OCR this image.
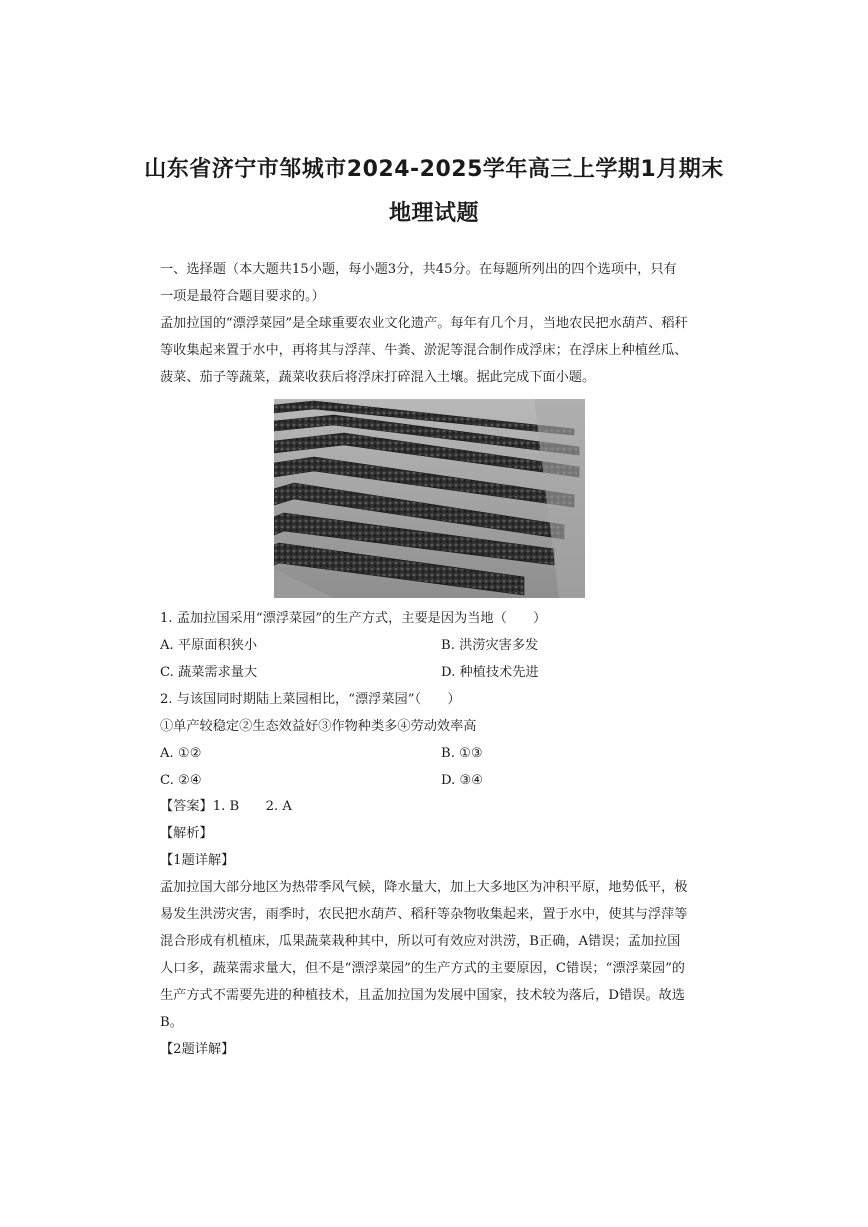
山东省济宁市邹城市2024-2025学年高三上学期1月期末
地理试题
一、选择题（本大题共15小题，每小题3分，共45分。在每题所列出的四个选项中，只有
一项是最符合题目要求的。）
孟加拉国的“漂浮菜园”是全球重要农业文化遗产。每年有几个月，当地农民把水葫芦、稻秆
等收集起来置于水中，再将其与浮萍、牛粪、淤泥等混合制作成浮床；在浮床上种植丝瓜、
菠菜、茄子等蔬菜，蔬菜收获后将浮床打碎混入土壤。据此完成下面小题。
1. 孟加拉国采用“漂浮菜园”的生产方式，主要是因为当地（　　）
A. 平原面积狭小	B. 洪涝灾害多发
C. 蔬菜需求量大	D. 种植技术先进
2. 与该国同时期陆上菜园相比，“漂浮菜园”（　　）
①单产较稳定②生态效益好③作物种类多④劳动效率高
A. ①②	B. ①③
C. ②④	D. ③④
【答案】1. B　　2. A
【解析】
【1题详解】
孟加拉国大部分地区为热带季风气候，降水量大，加上大多地区为冲积平原，地势低平，极
易发生洪涝灾害，雨季时，农民把水葫芦、稻秆等杂物收集起来，置于水中，使其与浮萍等
混合形成有机植床，瓜果蔬菜栽种其中，所以可有效应对洪涝，B正确，A错误；孟加拉国
人口多，蔬菜需求量大，但不是“漂浮菜园”的生产方式的主要原因，C错误；“漂浮菜园”的
生产方式不需要先进的种植技术，且孟加拉国为发展中国家，技术较为落后，D错误。故选
B。
【2题详解】
